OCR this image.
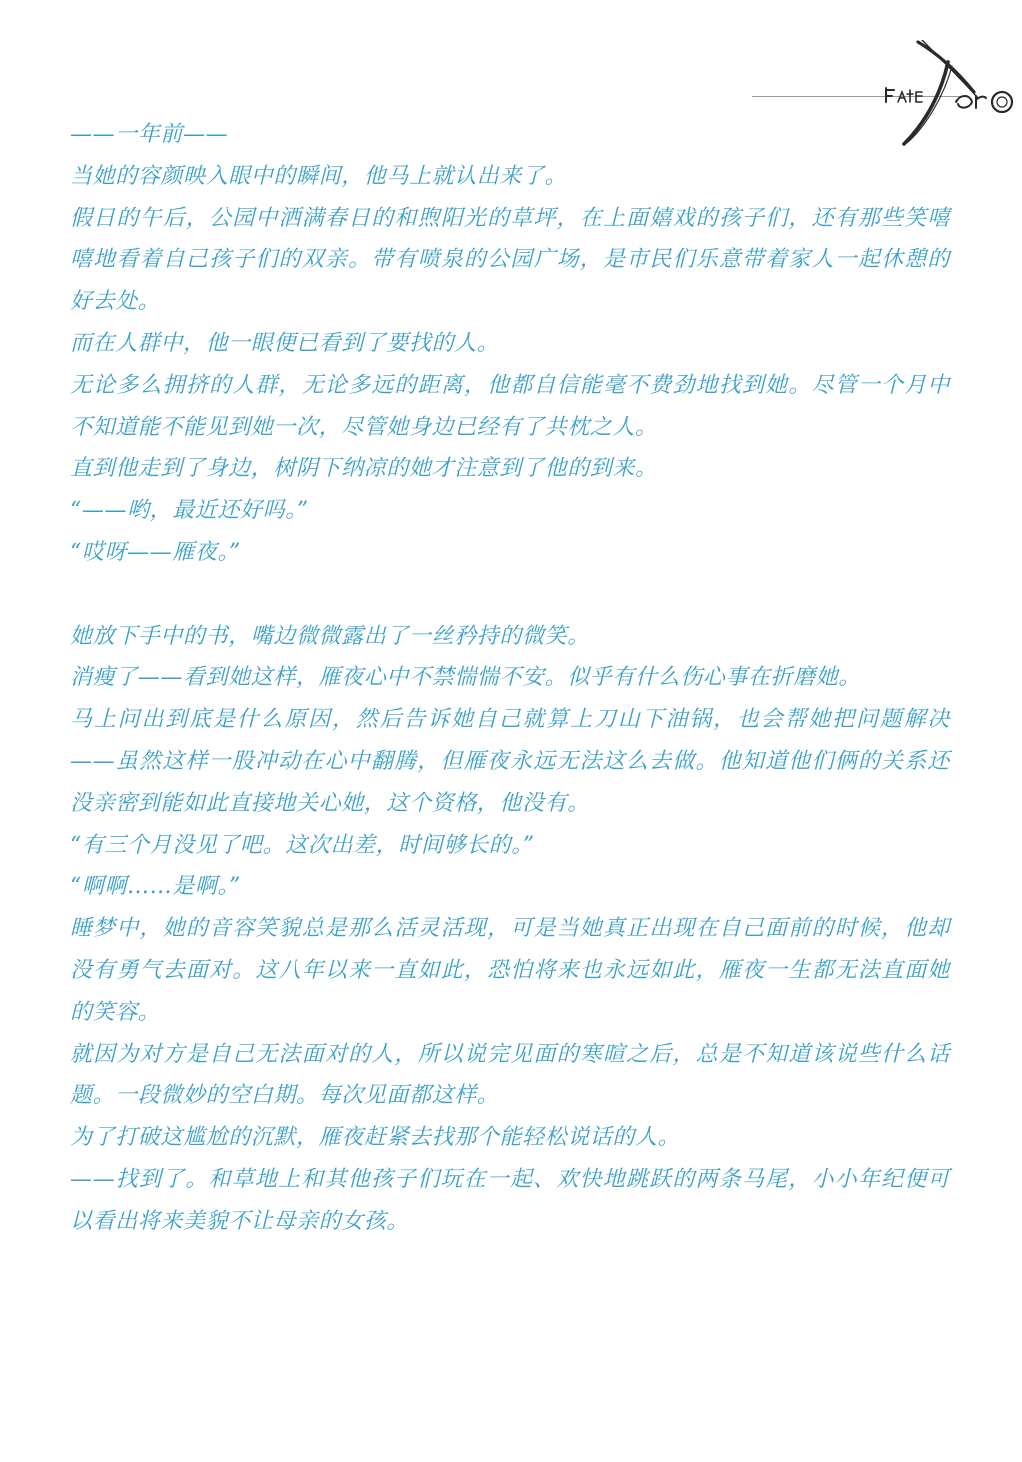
——一年前——

当她的容颜映入眼中的瞬间，他马上就认出来了。

假日的午后，公园中洒满春日的和煦阳光的草坪，在上面嬉戏的孩子们，还有那些笑嘻嘻地看着自己孩子们的双亲。带有喷泉的公园广场，是市民们乐意带着家人一起休憩的好去处。

而在人群中，他一眼便已看到了要找的人。

无论多么拥挤的人群，无论多远的距离，他都自信能毫不费劲地找到她。尽管一个月中不知道能不能见到她一次，尽管她身边已经有了共枕之人。

直到他走到了身边，树阴下纳凉的她才注意到了他的到来。

“——哟，最近还好吗。”

“哎呀——雁夜。”

她放下手中的书，嘴边微微露出了一丝矜持的微笑。

消瘦了——看到她这样，雁夜心中不禁惴惴不安。似乎有什么伤心事在折磨她。

马上问出到底是什么原因，然后告诉她自己就算上刀山下油锅，也会帮她把问题解决——虽然这样一股冲动在心中翻腾，但雁夜永远无法这么去做。他知道他们俩的关系还没亲密到能如此直接地关心她，这个资格，他没有。

“有三个月没见了吧。这次出差，时间够长的。”

“啊啊……是啊。”

睡梦中，她的音容笑貌总是那么活灵活现，可是当她真正出现在自己面前的时候，他却没有勇气去面对。这八年以来一直如此，恐怕将来也永远如此，雁夜一生都无法直面她的笑容。

就因为对方是自己无法面对的人，所以说完见面的寒暄之后，总是不知道该说些什么话题。一段微妙的空白期。每次见面都这样。

为了打破这尴尬的沉默，雁夜赶紧去找那个能轻松说话的人。

——找到了。和草地上和其他孩子们玩在一起、欢快地跳跃的两条马尾，小小年纪便可以看出将来美貌不让母亲的女孩。
